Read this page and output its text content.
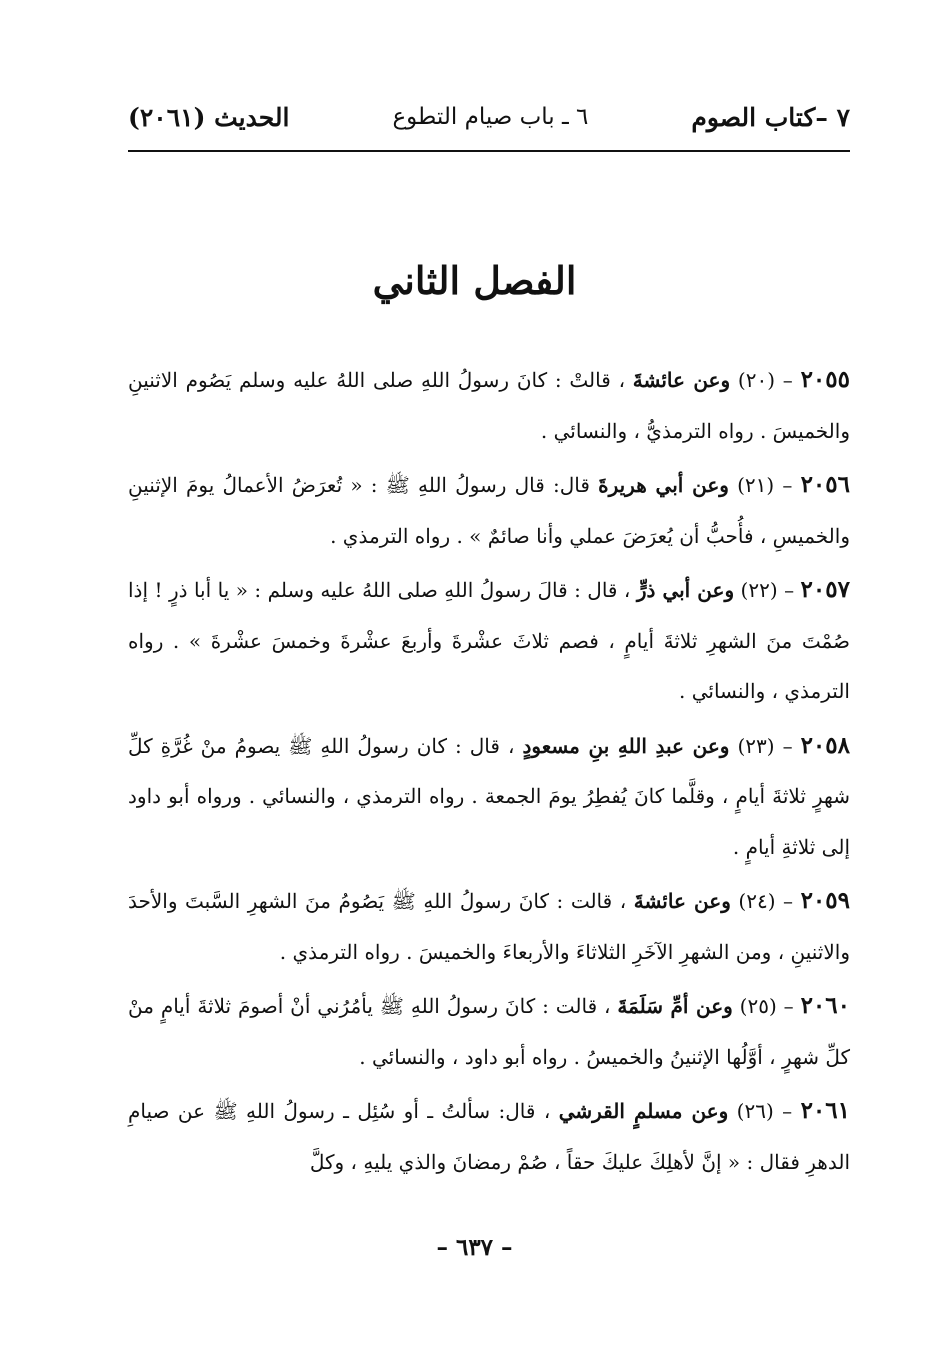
٧ –كتاب الصوم
٦ ـ باب صيام التطوع
الحديث (٢٠٦١)
الفصل الثاني

٢٠٥٥ – (٢٠) وعن عائشةَ ، قالتْ : كانَ رسولُ اللهِ صلى اللهُ عليه وسلم يَصُوم الاثنينِ والخميسَ . رواه الترمذيُّ ، والنسائي .

٢٠٥٦ – (٢١) وعن أبي هريرةَ قال: قال رسولُ اللهِ ﷺ : « تُعرَضُ الأعمالُ يومَ الإثنينِ والخميسِ ، فأُحبُّ أن يُعرَضَ عملي وأنا صائمٌ » . رواه الترمذي .

٢٠٥٧ – (٢٢) وعن أبي ذرٍّ ، قال : قالَ رسولُ اللهِ صلى اللهُ عليه وسلم : « يا أبا ذرٍ ! إذا صُمْتَ منَ الشهرِ ثلاثةَ أيامٍ ، فصم ثلاثَ عشْرةَ وأربعَ عشْرةَ وخمسَ عشْرةَ » . رواه الترمذي ، والنسائي .

٢٠٥٨ – (٢٣) وعن عبدِ اللهِ بنِ مسعودٍ ، قال : كان رسولُ اللهِ ﷺ يصومُ منْ غُرَّةِ كلِّ شهرٍ ثلاثةَ أيامٍ ، وقلَّما كانَ يُفطِرُ يومَ الجمعة . رواه الترمذي ، والنسائي . ورواه أبو داود إلى ثلاثةِ أيامٍ .

٢٠٥٩ – (٢٤) وعن عائشةَ ، قالت : كانَ رسولُ اللهِ ﷺ يَصُومُ منَ الشهرِ السَّبتَ والأحدَ والاثنينِ ، ومن الشهرِ الآخَرِ الثلاثاءَ والأربعاءَ والخميسَ . رواه الترمذي .

٢٠٦٠ – (٢٥) وعن أمِّ سَلَمَةَ ، قالت : كانَ رسولُ اللهِ ﷺ يأمُرُني أنْ أصومَ ثلاثةَ أيامٍ منْ كلِّ شهرٍ ، أوَّلُها الإثنينُ والخميسُ . رواه أبو داود ، والنسائي .

٢٠٦١ – (٢٦) وعن مسلمٍ القرشي ، قال: سألتُ ـ أو سُئِل ـ رسولُ اللهِ ﷺ عن صيامِ الدهرِ فقال : « إنَّ لأهلِكَ عليكَ حقاً ، صُمْ رمضانَ والذي يليهِ ، وكلَّ

– ٦٣٧ –
